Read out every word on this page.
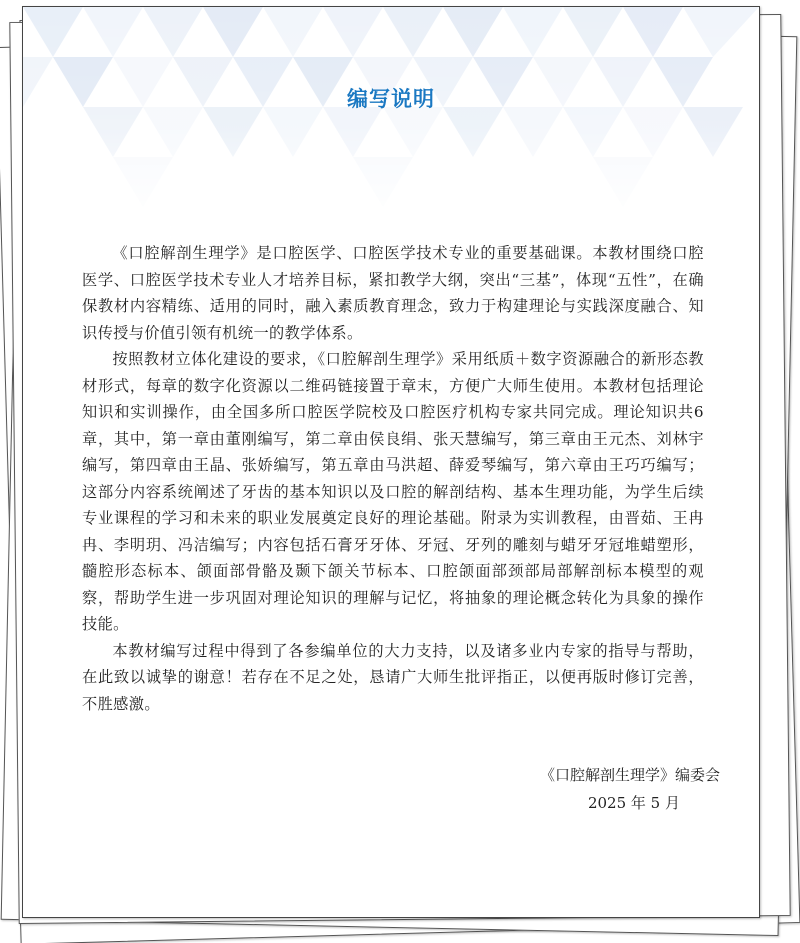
编写说明

《口腔解剖生理学》是口腔医学、口腔医学技术专业的重要基础课。本教材围绕口腔医学、口腔医学技术专业人才培养目标，紧扣教学大纲，突出“三基”，体现“五性”，在确保教材内容精练、适用的同时，融入素质教育理念，致力于构建理论与实践深度融合、知识传授与价值引领有机统一的教学体系。

按照教材立体化建设的要求，《口腔解剖生理学》采用纸质＋数字资源融合的新形态教材形式，每章的数字化资源以二维码链接置于章末，方便广大师生使用。本教材包括理论知识和实训操作，由全国多所口腔医学院校及口腔医疗机构专家共同完成。理论知识共6章，其中，第一章由董刚编写，第二章由侯良绢、张天慧编写，第三章由王元杰、刘林宇编写，第四章由王晶、张娇编写，第五章由马洪超、薛爱琴编写，第六章由王巧巧编写；这部分内容系统阐述了牙齿的基本知识以及口腔的解剖结构、基本生理功能，为学生后续专业课程的学习和未来的职业发展奠定良好的理论基础。附录为实训教程，由晋茹、王冉冉、李明玥、冯洁编写；内容包括石膏牙牙体、牙冠、牙列的雕刻与蜡牙牙冠堆蜡塑形，髓腔形态标本、颌面部骨骼及颞下颌关节标本、口腔颌面部颈部局部解剖标本模型的观察，帮助学生进一步巩固对理论知识的理解与记忆，将抽象的理论概念转化为具象的操作技能。

本教材编写过程中得到了各参编单位的大力支持，以及诸多业内专家的指导与帮助，在此致以诚挚的谢意！若存在不足之处，恳请广大师生批评指正，以便再版时修订完善，不胜感激。

《口腔解剖生理学》编委会
2025 年 5 月
